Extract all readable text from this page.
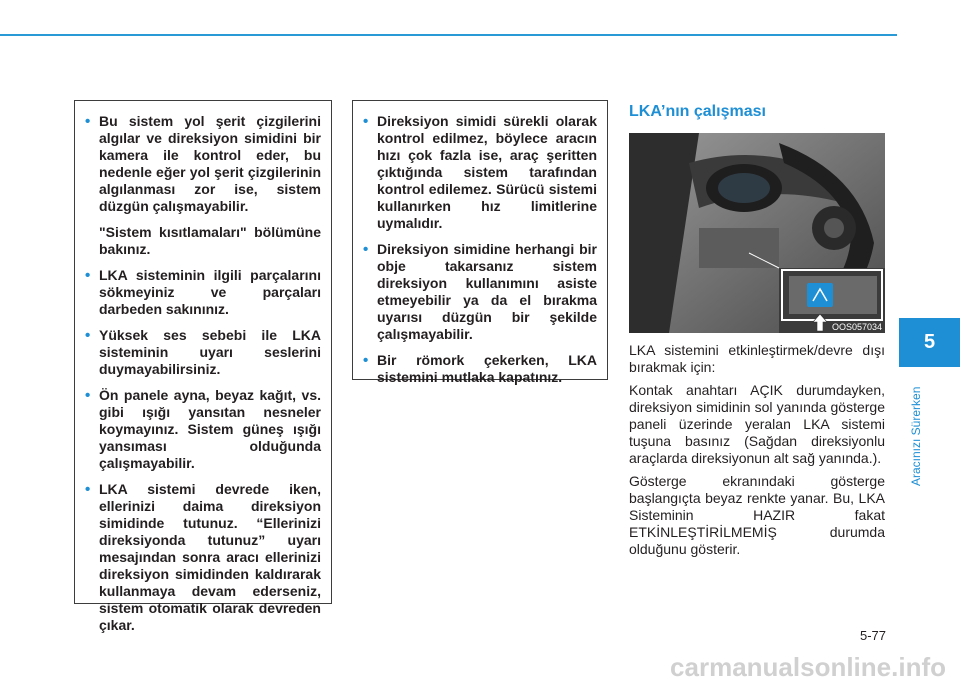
• Bu sistem yol şerit çizgilerini algılar ve direksiyon simidini bir kamera ile kontrol eder, bu nedenle eğer yol şerit çizgilerinin algılanması zor ise, sistem düzgün çalışmayabilir.
"Sistem kısıtlamaları" bölümüne bakınız.
• LKA sisteminin ilgili parçalarını sökmeyiniz ve parçaları darbeden sakınınız.
• Yüksek ses sebebi ile LKA sisteminin uyarı seslerini duymayabilirsiniz.
• Ön panele ayna, beyaz kağıt, vs. gibi ışığı yansıtan nesneler koymayınız. Sistem güneş ışığı yansıması olduğunda çalışmayabilir.
• LKA sistemi devrede iken, ellerinizi daima direksiyon simidinde tutunuz. “Ellerinizi direksiyonda tutunuz” uyarı mesajından sonra aracı ellerinizi direksiyon simidinden kaldırarak kullanmaya devam ederseniz, sistem otomatik olarak devreden çıkar.
• Direksiyon simidi sürekli olarak kontrol edilmez, böylece aracın hızı çok fazla ise, araç şeritten çıktığında sistem tarafından kontrol edilemez. Sürücü sistemi kullanırken hız limitlerine uymalıdır.
• Direksiyon simidine herhangi bir obje takarsanız sistem direksiyon kullanımını asiste etmeyebilir ya da el bırakma uyarısı düzgün bir şekilde çalışmayabilir.
• Bir römork çekerken, LKA sistemini mutlaka kapatınız.
LKA’nın çalışması
OOS057034

LKA sistemini etkinleştirmek/devre dışı bırakmak için:

Kontak anahtarı AÇIK durumdayken, direksiyon simidinin sol yanında gösterge paneli üzerinde yeralan LKA sistemi tuşuna basınız (Sağdan direksiyonlu araçlarda direksiyonun alt sağ yanında.).

Gösterge ekranındaki gösterge başlangıçta beyaz renkte yanar. Bu, LKA Sisteminin HAZIR fakat ETKİNLEŞTİRİLMEMİŞ durumda olduğunu gösterir.

5
Aracınızı Sürerken
5-77
carmanualsonline.info
